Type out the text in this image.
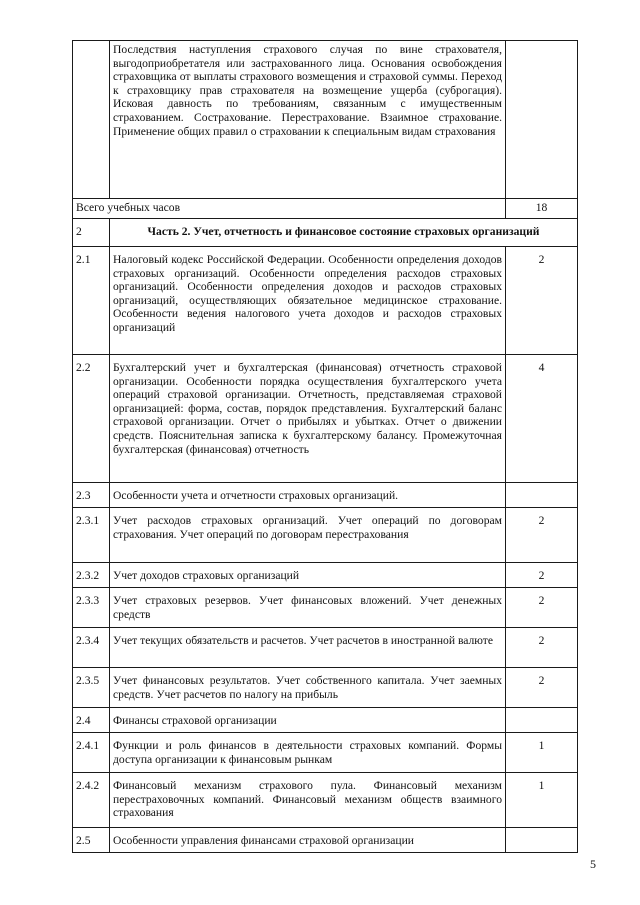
	Последствия наступления страхового случая по вине страхователя, выгодоприобретателя или застрахованного лица. Основания освобождения страховщика от выплаты страхового возмещения и страховой суммы. Переход к страховщику прав страхователя на возмещение ущерба (суброгация). Исковая давность по требованиям, связанным с имущественным страхованием. Сострахование. Перестрахование. Взаимное страхование. Применение общих правил о страховании к специальным видам страхования	
Всего учебных часов		18
2	Часть 2. Учет, отчетность и финансовое состояние страховых организаций	
2.1	Налоговый кодекс Российской Федерации. Особенности определения доходов страховых организаций. Особенности определения расходов страховых организаций. Особенности определения доходов и расходов страховых организаций, осуществляющих обязательное медицинское страхование. Особенности ведения налогового учета доходов и расходов страховых организаций	2
2.2	Бухгалтерский учет и бухгалтерская (финансовая) отчетность страховой организации. Особенности порядка осуществления бухгалтерского учета операций страховой организации. Отчетность, представляемая страховой организацией: форма, состав, порядок представления. Бухгалтерский баланс страховой организации. Отчет о прибылях и убытках. Отчет о движении средств. Пояснительная записка к бухгалтерскому балансу. Промежуточная бухгалтерская (финансовая) отчетность	4
2.3	Особенности учета и отчетности страховых организаций.	
2.3.1	Учет расходов страховых организаций. Учет операций по договорам страхования. Учет операций по договорам перестрахования	2
2.3.2	Учет доходов страховых организаций	2
2.3.3	Учет страховых резервов. Учет финансовых вложений. Учет денежных средств	2
2.3.4	Учет текущих обязательств и расчетов. Учет расчетов в иностранной валюте	2
2.3.5	Учет финансовых результатов. Учет собственного капитала. Учет заемных средств. Учет расчетов по налогу на прибыль	2
2.4	Финансы страховой организации	
2.4.1	Функции и роль финансов в деятельности страховых компаний. Формы доступа организации к финансовым рынкам	1
2.4.2	Финансовый механизм страхового пула. Финансовый механизм перестраховочных компаний. Финансовый механизм обществ взаимного страхования	1
2.5	Особенности управления финансами страховой организации	
5
